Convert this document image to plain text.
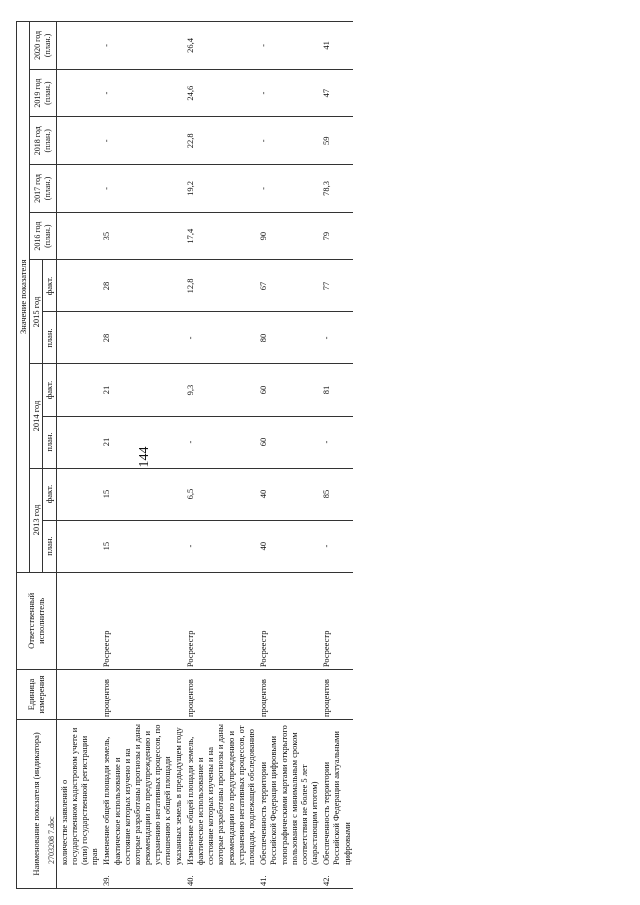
144
Наименование показателя (индикатора)	Единица измерения	Ответственный исполнитель	Значение показателя										
			2013 год		2014 год		2015 год		2016 год (план.)	2017 год (план.)	2018 год (план.)	2019 год (план.)	2020 год (план.)
			план.	факт.	план.	факт.	план.	факт.					

количестве заявлений о государственном кадастровом учете и (или) государственной регистрации прав													

39.
Изменение общей площади земель, фактическое использование и состояние которых изучено и на которые разработаны прогнозы и даны рекомендации по предупреждению и устранению негативных процессов, по отношению к общей площади указанных земель в предыдущем году	процентов	Росреестр	15	15	21	21	28	28	35	-	-	-	-

40.
Изменение общей площади земель, фактическое использование и состояние которых изучены и на которые разработаны прогнозы и даны рекомендации по предупреждению и устранению негативных процессов, от площади, подлежащей обследованию	процентов	Росреестр	-	6,5	-	9,3	-	12,8	17,4	19,2	22,8	24,6	26,4

41.
Обеспеченность территории Российской Федерации цифровыми топографическими картами открытого пользования с минимальным сроком соответствия не более 5 лет (нарастающим итогом)	процентов	Росреестр	40	40	60	60	80	67	90	-	-	-	-

42.
Обеспеченность территории Российской Федерации актуальными цифровыми	процентов	Росреестр	-	85	-	81	-	77	79	78,3	59	47	41
2703208 7.doc
